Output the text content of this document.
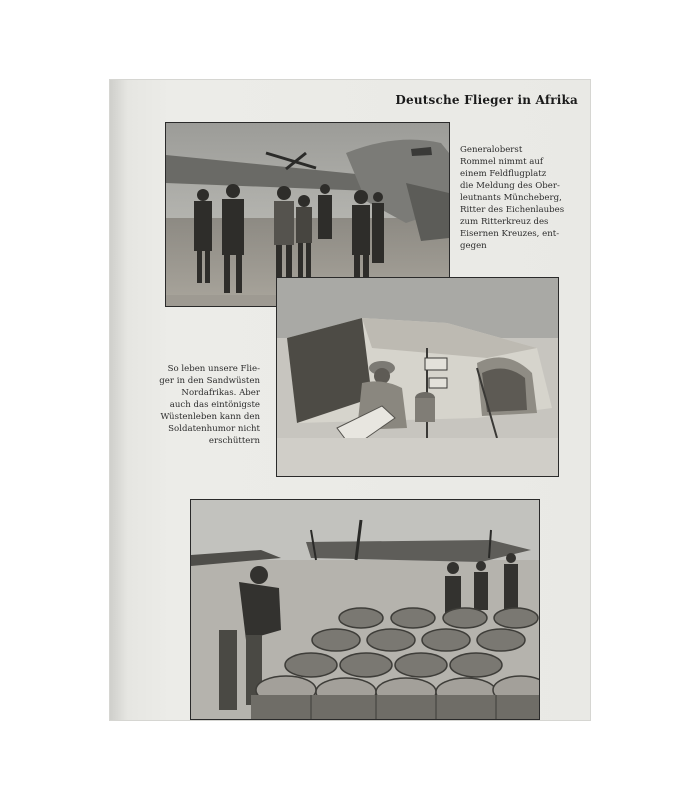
Deutsche Flieger in Afrika
Generaloberst
Rommel nimmt auf
einem Feldflugplatz
die Meldung des Ober-
leutnants Müncheberg,
Ritter des Eichenlaubes
zum Ritterkreuz des
Eisernen Kreuzes, ent-
gegen
So leben unsere Flie-
ger in den Sandwüsten
Nordafrikas. Aber
auch das eintönigste
Wüstenleben kann den
Soldatenhumor nicht
erschüttern
